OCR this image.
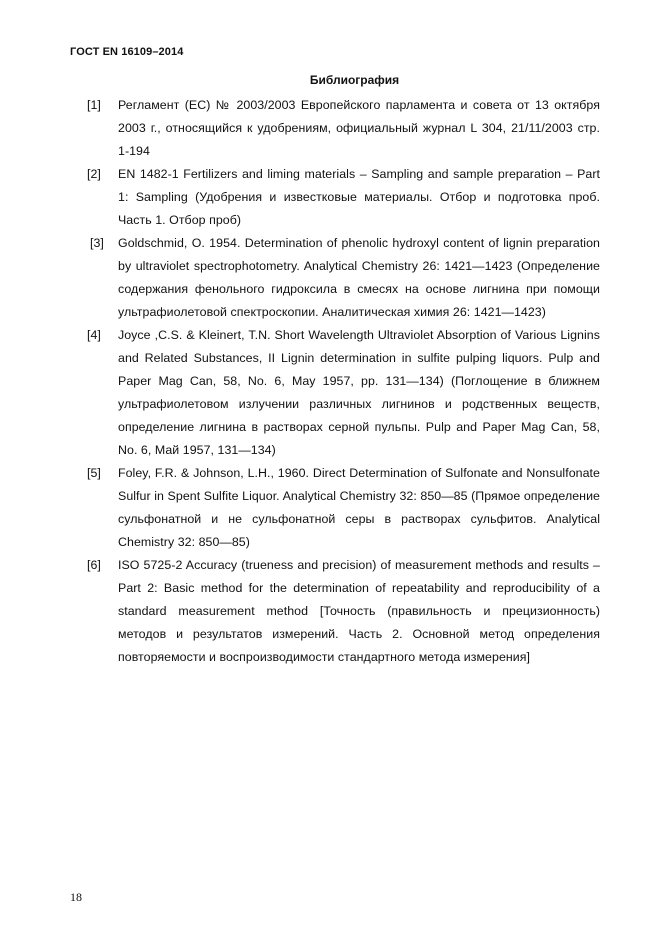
ГОСТ EN 16109–2014
Библиография
[1] Регламент (ЕС) № 2003/2003 Европейского парламента и совета от 13 октября 2003 г., относящийся к удобрениям, официальный журнал L 304, 21/11/2003 стр. 1-194
[2] EN 1482-1 Fertilizers and liming materials – Sampling and sample preparation – Part 1: Sampling (Удобрения и известковые материалы. Отбор и подготовка проб. Часть 1. Отбор проб)
[3] Goldschmid, O. 1954. Determination of phenolic hydroxyl content of lignin preparation by ultraviolet spectrophotometry. Analytical Chemistry 26: 1421—1423 (Определение содержания фенольного гидроксила в смесях на основе лигнина при помощи ультрафиолетовой спектроскопии. Аналитическая химия 26: 1421—1423)
[4] Joyce ,C.S. & Kleinert, T.N. Short Wavelength Ultraviolet Absorption of Various Lignins and Related Substances, II Lignin determination in sulfite pulping liquors. Pulp and Paper Mag Can, 58, No. 6, May 1957, pp. 131—134) (Поглощение в ближнем ультрафиолетовом излучении различных лигнинов и родственных веществ, определение лигнина в растворах серной пульпы. Pulp and Paper Mag Can, 58, No. 6, Май 1957, 131—134)
[5] Foley, F.R. & Johnson, L.H., 1960. Direct Determination of Sulfonate and Nonsulfonate Sulfur in Spent Sulfite Liquor. Analytical Chemistry 32: 850—85 (Прямое определение сульфонатной и не сульфонатной серы в растворах сульфитов. Analytical Chemistry 32: 850—85)
[6] ISO 5725-2 Accuracy (trueness and precision) of measurement methods and results – Part 2: Basic method for the determination of repeatability and reproducibility of a standard measurement method [Точность (правильность и прецизионность) методов и результатов измерений. Часть 2. Основной метод определения повторяемости и воспроизводимости стандартного метода измерения]
18
